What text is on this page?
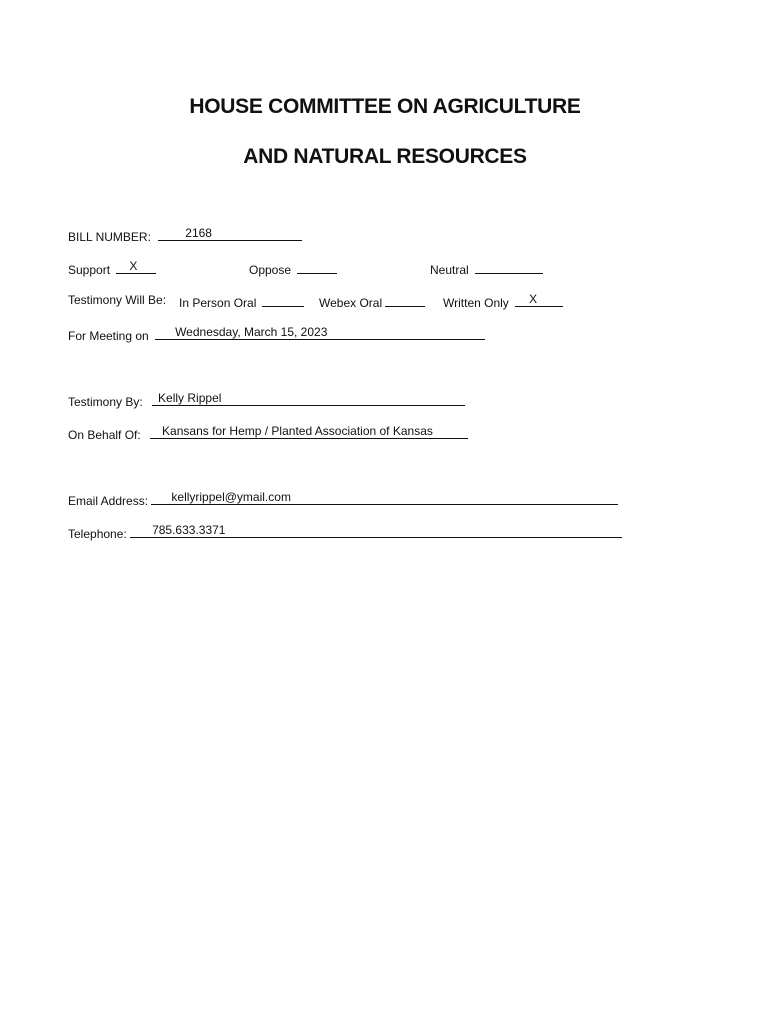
HOUSE COMMITTEE ON AGRICULTURE
AND NATURAL RESOURCES
BILL NUMBER:	2168
Support X	Oppose	Neutral
Testimony Will Be: In Person Oral	Webex Oral	Written Only X
For Meeting on Wednesday, March 15, 2023
Testimony By: Kelly Rippel
On Behalf Of: Kansans for Hemp / Planted Association of Kansas
Email Address: kellyrippel@ymail.com
Telephone: 785.633.3371
